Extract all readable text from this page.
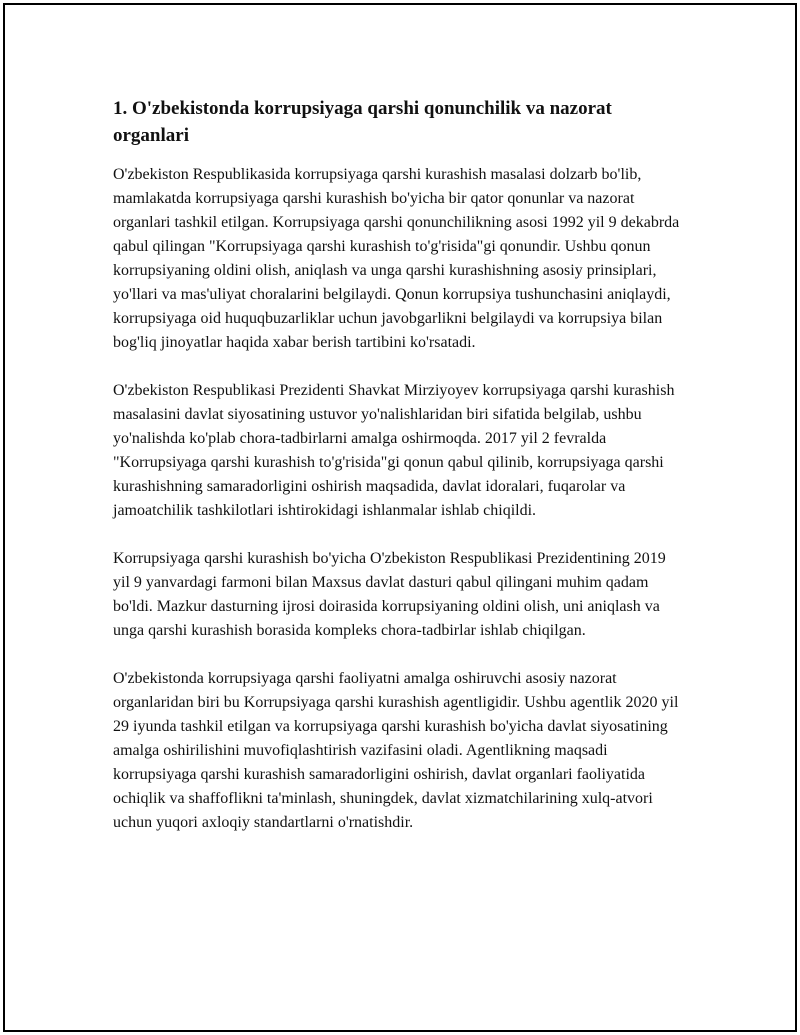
1. O'zbekistonda korrupsiyaga qarshi qonunchilik va nazorat organlari

O'zbekiston Respublikasida korrupsiyaga qarshi kurashish masalasi dolzarb bo'lib, mamlakatda korrupsiyaga qarshi kurashish bo'yicha bir qator qonunlar va nazorat organlari tashkil etilgan. Korrupsiyaga qarshi qonunchilikning asosi 1992 yil 9 dekabrda qabul qilingan "Korrupsiyaga qarshi kurashish to'g'risida"gi qonundir. Ushbu qonun korrupsiyaning oldini olish, aniqlash va unga qarshi kurashishning asosiy prinsiplari, yo'llari va mas'uliyat choralarini belgilaydi. Qonun korrupsiya tushunchasini aniqlaydi, korrupsiyaga oid huquqbuzarliklar uchun javobgarlikni belgilaydi va korrupsiya bilan bog'liq jinoyatlar haqida xabar berish tartibini ko'rsatadi.

O'zbekiston Respublikasi Prezidenti Shavkat Mirziyoyev korrupsiyaga qarshi kurashish masalasini davlat siyosatining ustuvor yo'nalishlaridan biri sifatida belgilab, ushbu yo'nalishda ko'plab chora-tadbirlarni amalga oshirmoqda. 2017 yil 2 fevralda "Korrupsiyaga qarshi kurashish to'g'risida"gi qonun qabul qilinib, korrupsiyaga qarshi kurashishning samaradorligini oshirish maqsadida, davlat idoralari, fuqarolar va jamoatchilik tashkilotlari ishtirokidagi ishlanmalar ishlab chiqildi.

Korrupsiyaga qarshi kurashish bo'yicha O'zbekiston Respublikasi Prezidentining 2019 yil 9 yanvardagi farmoni bilan Maxsus davlat dasturi qabul qilingani muhim qadam bo'ldi. Mazkur dasturning ijrosi doirasida korrupsiyaning oldini olish, uni aniqlash va unga qarshi kurashish borasida kompleks chora-tadbirlar ishlab chiqilgan.

O'zbekistonda korrupsiyaga qarshi faoliyatni amalga oshiruvchi asosiy nazorat organlaridan biri bu Korrupsiyaga qarshi kurashish agentligidir. Ushbu agentlik 2020 yil 29 iyunda tashkil etilgan va korrupsiyaga qarshi kurashish bo'yicha davlat siyosatining amalga oshirilishini muvofiqlashtirish vazifasini oladi. Agentlikning maqsadi korrupsiyaga qarshi kurashish samaradorligini oshirish, davlat organlari faoliyatida ochiqlik va shaffoflikni ta'minlash, shuningdek, davlat xizmatchilarining xulq-atvori uchun yuqori axloqiy standartlarni o'rnatishdir.
